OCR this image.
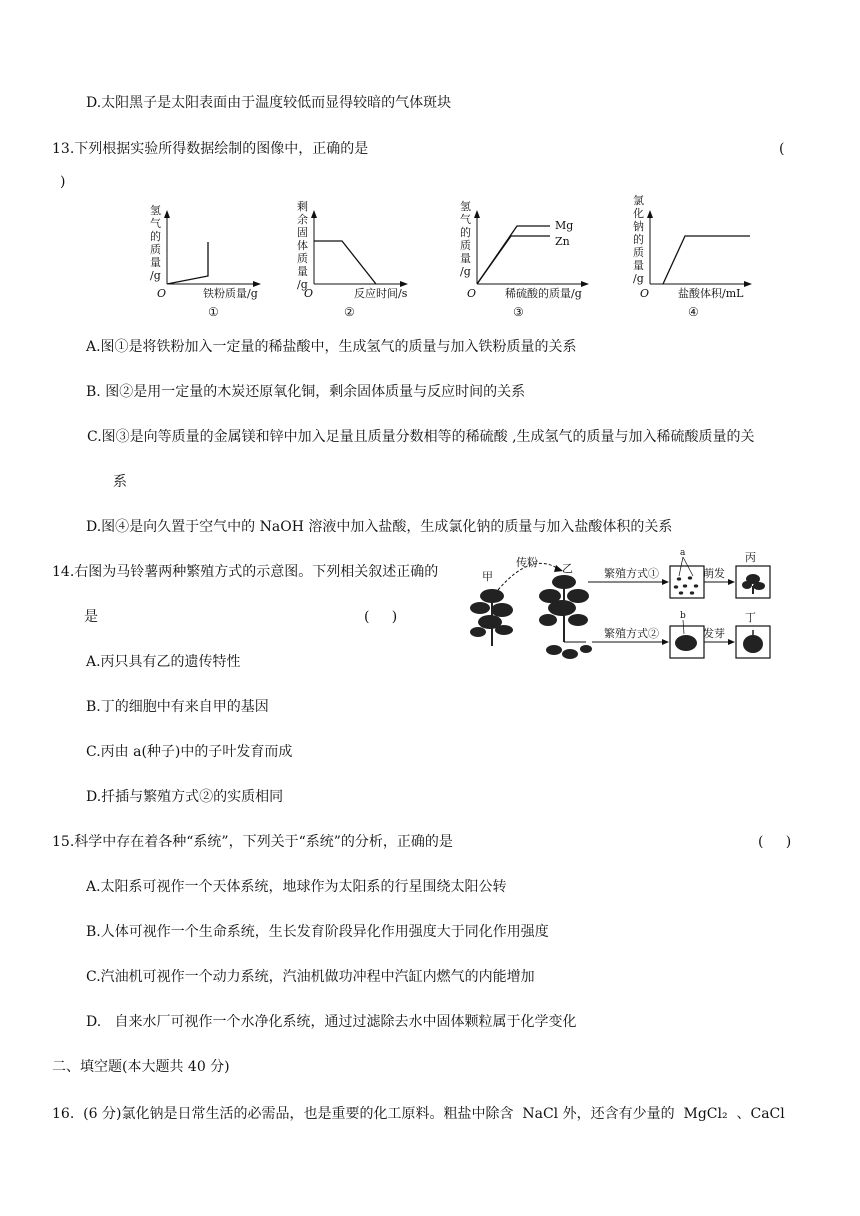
D.太阳黑子是太阳表面由于温度较低而显得较暗的气体斑块
13.下列根据实验所得数据绘制的图像中，正确的是	(
)
氢
气
的
质
量
/g
O	铁粉质量/g
①
剩
余
固
体
质
量
/g
O	反应时间/s
②
氢
气
的
质
量
/g
Mg
Zn
O	稀硫酸的质量/g
③
氯
化
钠
的
质
量
/g
O	盐酸体积/mL
④
A.图①是将铁粉加入一定量的稀盐酸中，生成氢气的质量与加入铁粉质量的关系
B. 图②是用一定量的木炭还原氧化铜，剩余固体质量与反应时间的关系
C.图③是向等质量的金属镁和锌中加入足量且质量分数相等的稀硫酸 ,生成氢气的质量与加入稀硫酸质量的关
系
D.图④是向久置于空气中的 NaOH 溶液中加入盐酸，生成氯化钠的质量与加入盐酸体积的关系
14.右图为马铃薯两种繁殖方式的示意图。下列相关叙述正确的
是	(     )
甲
传粉 乙	繁殖方式①
繁殖方式②
a
b
萌发
发芽
丙
丁
A.丙只具有乙的遗传特性
B.丁的细胞中有来自甲的基因
C.丙由 a(种子)中的子叶发育而成
D.扦插与繁殖方式②的实质相同
15.科学中存在着各种“系统”，下列关于“系统”的分析，正确的是	(     )
A.太阳系可视作一个天体系统，地球作为太阳系的行星围绕太阳公转
B.人体可视作一个生命系统，生长发育阶段异化作用强度大于同化作用强度
C.汽油机可视作一个动力系统，汽油机做功冲程中汽缸内燃气的内能增加
D.   自来水厂可视作一个水净化系统，通过过滤除去水中固体颗粒属于化学变化
二、填空题(本大题共 40 分)
16.  (6 分)氯化钠是日常生活的必需品，也是重要的化工原料。粗盐中除含  NaCl 外，还含有少量的  MgCl₂  、CaCl
